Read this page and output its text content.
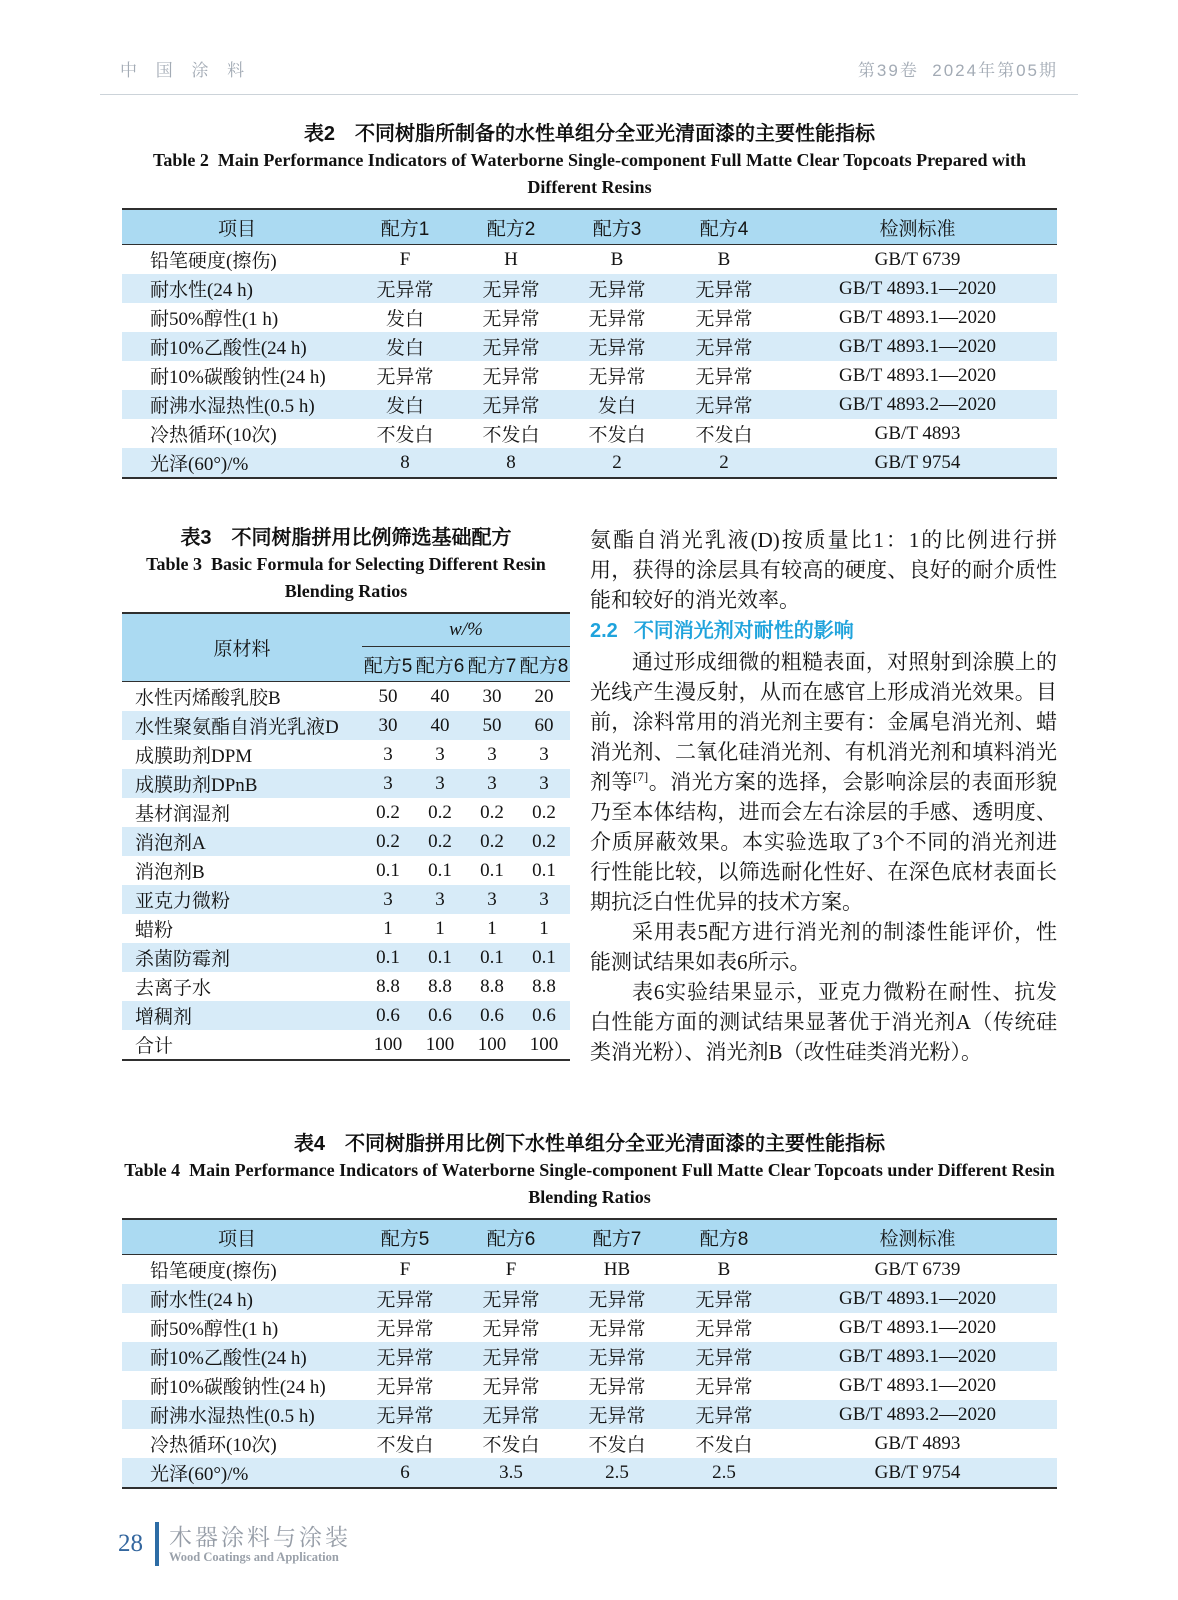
中 国 涂 料	第39卷  2024年第05期
表2　不同树脂所制备的水性单组分全亚光清面漆的主要性能指标
Table 2  Main Performance Indicators of Waterborne Single-component Full Matte Clear Topcoats Prepared with
Different Resins
项目	配方1	配方2	配方3	配方4	检测标准
铅笔硬度(擦伤)	F	H	B	B	GB/T 6739
耐水性(24 h)	无异常	无异常	无异常	无异常	GB/T 4893.1—2020
耐50%醇性(1 h)	发白	无异常	无异常	无异常	GB/T 4893.1—2020
耐10%乙酸性(24 h)	发白	无异常	无异常	无异常	GB/T 4893.1—2020
耐10%碳酸钠性(24 h)	无异常	无异常	无异常	无异常	GB/T 4893.1—2020
耐沸水湿热性(0.5 h)	发白	无异常	发白	无异常	GB/T 4893.2—2020
冷热循环(10次)	不发白	不发白	不发白	不发白	GB/T 4893
光泽(60°)/%	8	8	2	2	GB/T 9754
表3　不同树脂拼用比例筛选基础配方
Table 3  Basic Formula for Selecting Different Resin
Blending Ratios
原材料	w/%			
	配方5	配方6	配方7	配方8
水性丙烯酸乳胶B	50	40	30	20
水性聚氨酯自消光乳液D	30	40	50	60
成膜助剂DPM	3	3	3	3
成膜助剂DPnB	3	3	3	3
基材润湿剂	0.2	0.2	0.2	0.2
消泡剂A	0.2	0.2	0.2	0.2
消泡剂B	0.1	0.1	0.1	0.1
亚克力微粉	3	3	3	3
蜡粉	1	1	1	1
杀菌防霉剂	0.1	0.1	0.1	0.1
去离子水	8.8	8.8	8.8	8.8
增稠剂	0.6	0.6	0.6	0.6
合计	100	100	100	100

氨酯自消光乳液(D)按质量比1：1的比例进行拼用，获得的涂层具有较高的硬度、良好的耐介质性能和较好的消光效率。

2.2 不同消光剂对耐性的影响

通过形成细微的粗糙表面，对照射到涂膜上的光线产生漫反射，从而在感官上形成消光效果。目前，涂料常用的消光剂主要有：金属皂消光剂、蜡消光剂、二氧化硅消光剂、有机消光剂和填料消光剂等[7]。消光方案的选择，会影响涂层的表面形貌乃至本体结构，进而会左右涂层的手感、透明度、介质屏蔽效果。本实验选取了3个不同的消光剂进行性能比较，以筛选耐化性好、在深色底材表面长期抗泛白性优异的技术方案。

采用表5配方进行消光剂的制漆性能评价，性能测试结果如表6所示。

表6实验结果显示，亚克力微粉在耐性、抗发白性能方面的测试结果显著优于消光剂A（传统硅类消光粉）、消光剂B（改性硅类消光粉）。

表4　不同树脂拼用比例下水性单组分全亚光清面漆的主要性能指标
Table 4  Main Performance Indicators of Waterborne Single-component Full Matte Clear Topcoats under Different Resin
Blending Ratios
项目	配方5	配方6	配方7	配方8	检测标准
铅笔硬度(擦伤)	F	F	HB	B	GB/T 6739
耐水性(24 h)	无异常	无异常	无异常	无异常	GB/T 4893.1—2020
耐50%醇性(1 h)	无异常	无异常	无异常	无异常	GB/T 4893.1—2020
耐10%乙酸性(24 h)	无异常	无异常	无异常	无异常	GB/T 4893.1—2020
耐10%碳酸钠性(24 h)	无异常	无异常	无异常	无异常	GB/T 4893.1—2020
耐沸水湿热性(0.5 h)	无异常	无异常	无异常	无异常	GB/T 4893.2—2020
冷热循环(10次)	不发白	不发白	不发白	不发白	GB/T 4893
光泽(60°)/%	6	3.5	2.5	2.5	GB/T 9754
28 木器涂料与涂装
Wood Coatings and Application
